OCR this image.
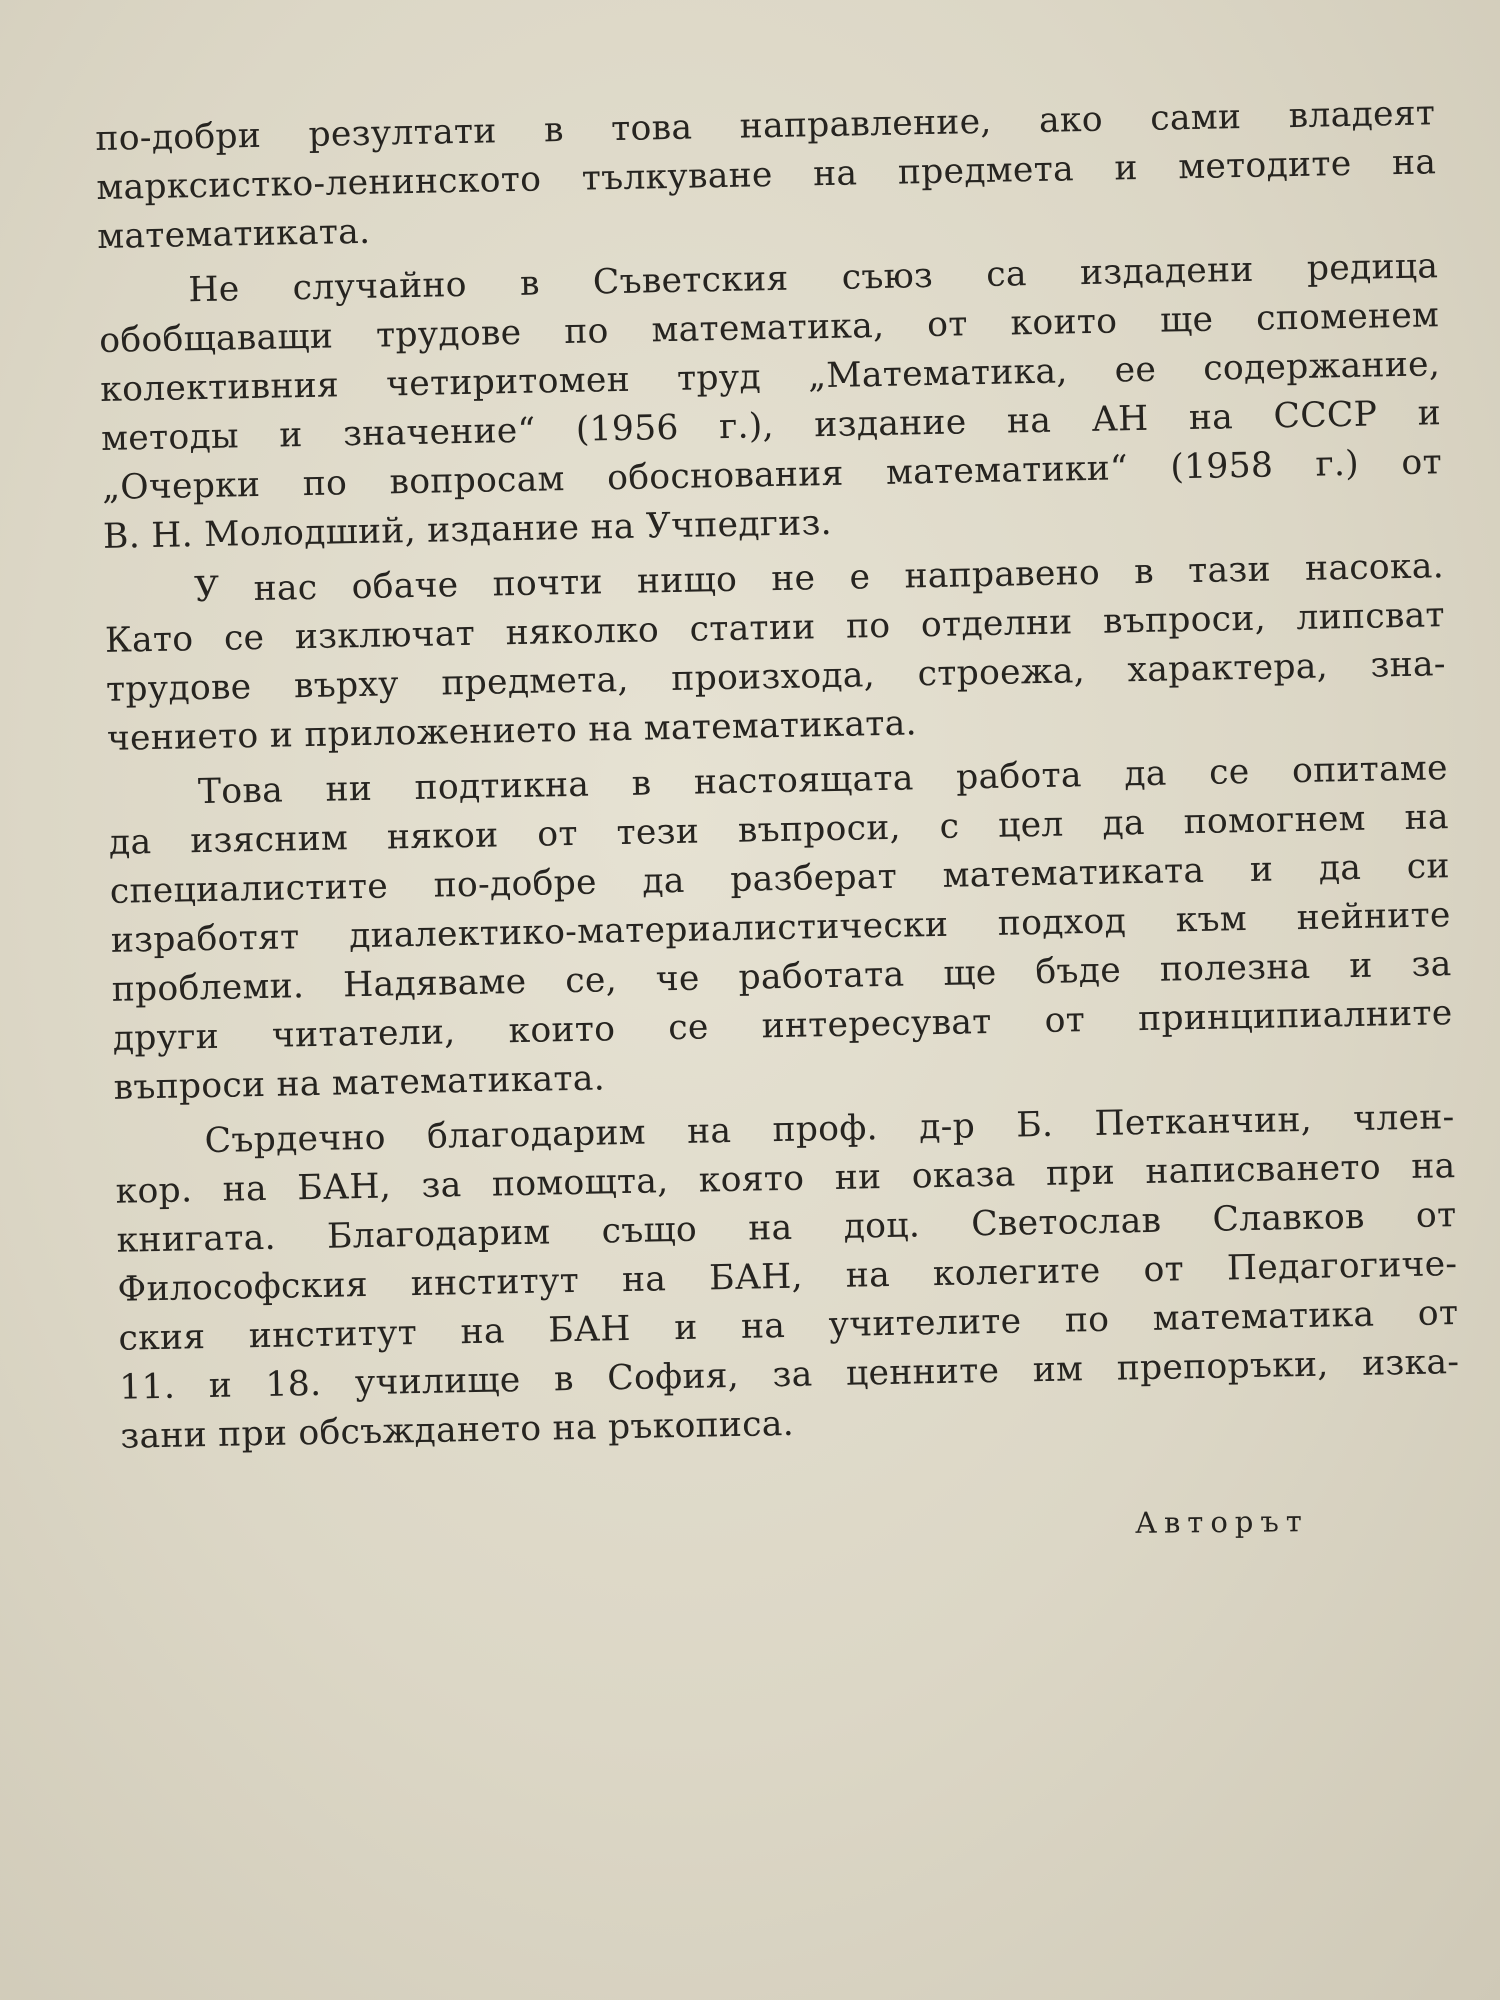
по-добри резултати в това направление, ако сами владеят
марксистко-ленинското тълкуване на предмета и методите на
математиката.
Не случайно в Съветския съюз са издадени редица
обобщаващи трудове по математика, от които ще споменем
колективния четиритомен труд „Математика, ее содержание,
методы и значение“ (1956 г.), издание на АН на СССР и
„Очерки по вопросам обоснования математики“ (1958 г.) от
В. Н. Молодший, издание на Учпедгиз.
У нас обаче почти нищо не е направено в тази насока.
Като се изключат няколко статии по отделни въпроси, липсват
трудове върху предмета, произхода, строежа, характера, зна-
чението и приложението на математиката.
Това ни подтикна в настоящата работа да се опитаме
да изясним някои от тези въпроси, с цел да помогнем на
специалистите по-добре да разберат математиката и да си
изработят диалектико-материалистически подход към нейните
проблеми. Надяваме се, че работата ще бъде полезна и за
други читатели, които се интересуват от принципиалните
въпроси на математиката.
Сърдечно благодарим на проф. д-р Б. Петканчин, член-
кор. на БАН, за помощта, която ни оказа при написването на
книгата. Благодарим също на доц. Светослав Славков от
Философския институт на БАН, на колегите от Педагогиче-
ския институт на БАН и на учителите по математика от
11. и 18. училище в София, за ценните им препоръки, изка-
зани при обсъждането на ръкописа.
Авторът
